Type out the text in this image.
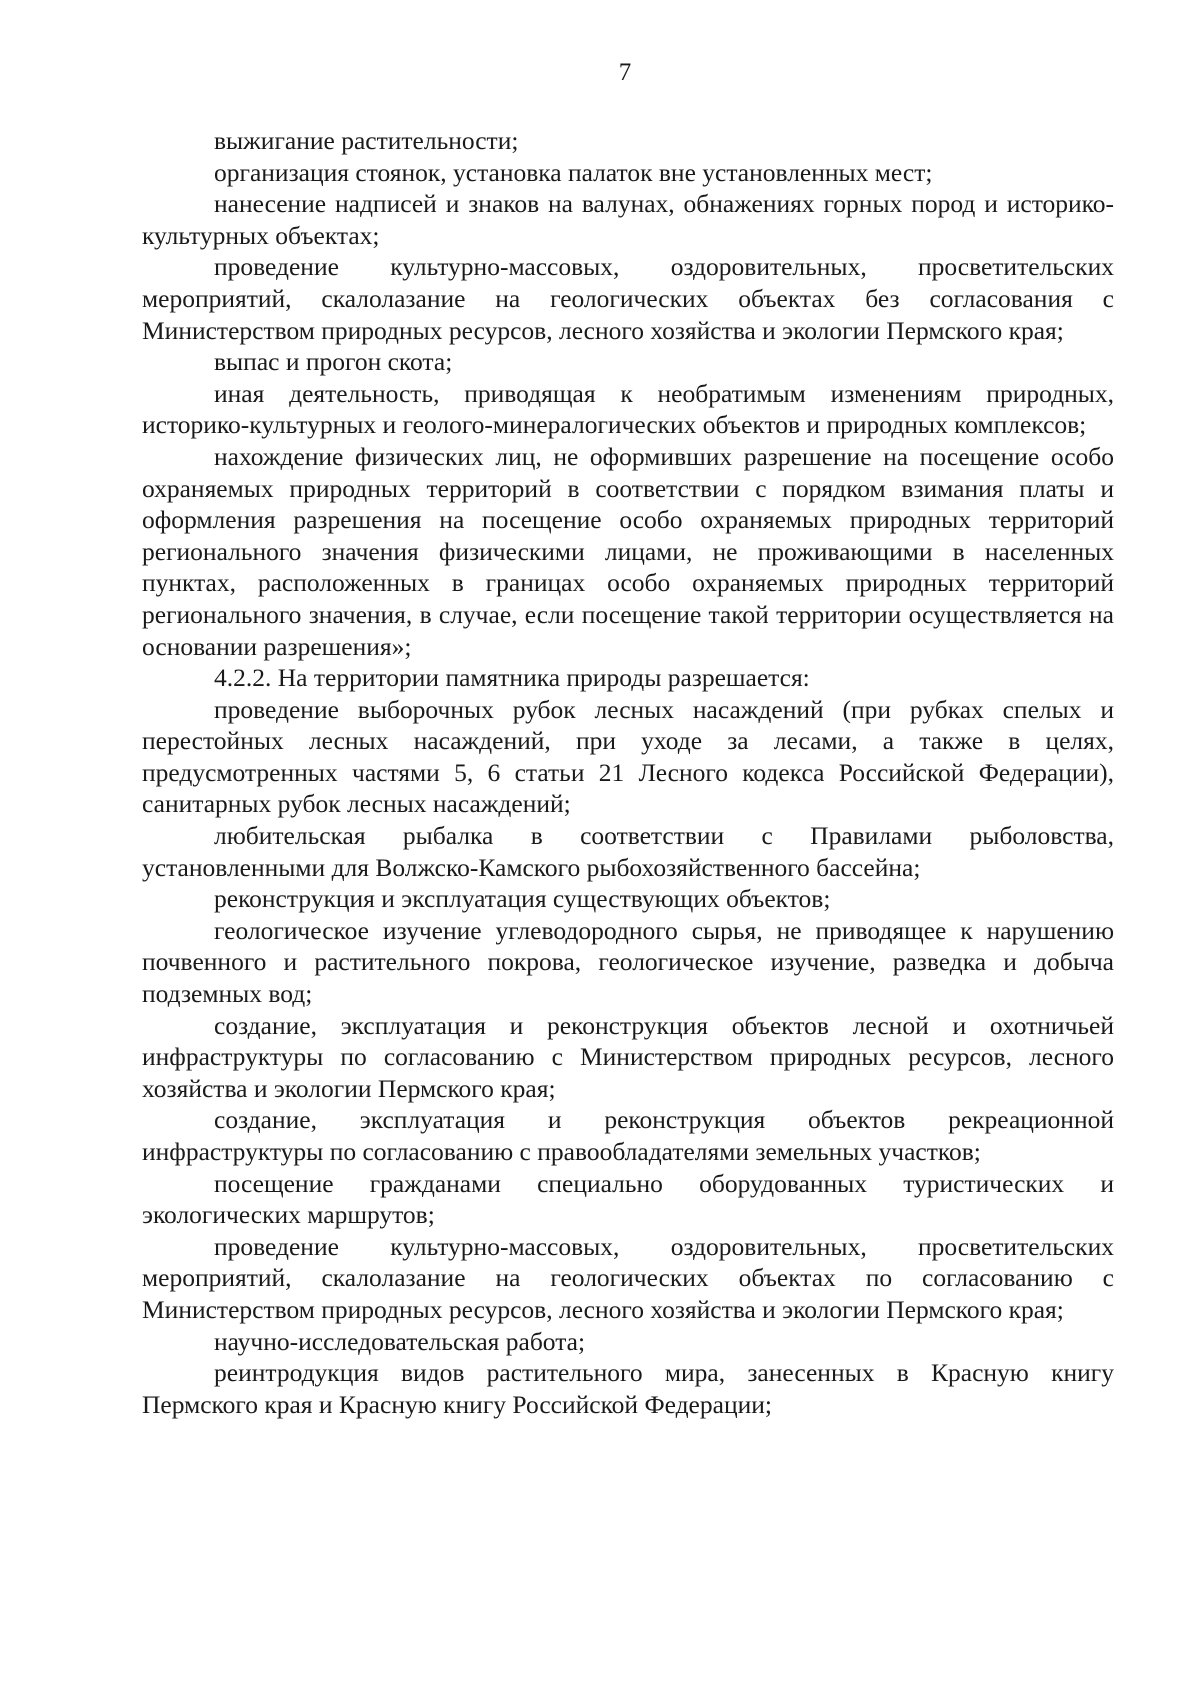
7

выжигание растительности;

организация стоянок, установка палаток вне установленных мест;

нанесение надписей и знаков на валунах, обнажениях горных пород и историко-культурных объектах;

проведение культурно-массовых, оздоровительных, просветительских мероприятий, скалолазание на геологических объектах без согласования с Министерством природных ресурсов, лесного хозяйства и экологии Пермского края;

выпас и прогон скота;

иная деятельность, приводящая к необратимым изменениям природных, историко-культурных и геолого-минералогических объектов и природных комплексов;

нахождение физических лиц, не оформивших разрешение на посещение особо охраняемых природных территорий в соответствии с порядком взимания платы и оформления разрешения на посещение особо охраняемых природных территорий регионального значения физическими лицами, не проживающими в населенных пунктах, расположенных в границах особо охраняемых природных территорий регионального значения, в случае, если посещение такой территории осуществляется на основании разрешения»;

4.2.2. На территории памятника природы разрешается:

проведение выборочных рубок лесных насаждений (при рубках спелых и перестойных лесных насаждений, при уходе за лесами, а также в целях, предусмотренных частями 5, 6 статьи 21 Лесного кодекса Российской Федерации), санитарных рубок лесных насаждений;

любительская рыбалка в соответствии с Правилами рыболовства, установленными для Волжско-Камского рыбохозяйственного бассейна;

реконструкция и эксплуатация существующих объектов;

геологическое изучение углеводородного сырья, не приводящее к нарушению почвенного и растительного покрова, геологическое изучение, разведка и добыча подземных вод;

создание, эксплуатация и реконструкция объектов лесной и охотничьей инфраструктуры по согласованию с Министерством природных ресурсов, лесного хозяйства и экологии Пермского края;

создание, эксплуатация и реконструкция объектов рекреационной инфраструктуры по согласованию с правообладателями земельных участков;

посещение гражданами специально оборудованных туристических и экологических маршрутов;

проведение культурно-массовых, оздоровительных, просветительских мероприятий, скалолазание на геологических объектах по согласованию с Министерством природных ресурсов, лесного хозяйства и экологии Пермского края;

научно-исследовательская работа;

реинтродукция видов растительного мира, занесенных в Красную книгу Пермского края и Красную книгу Российской Федерации;
